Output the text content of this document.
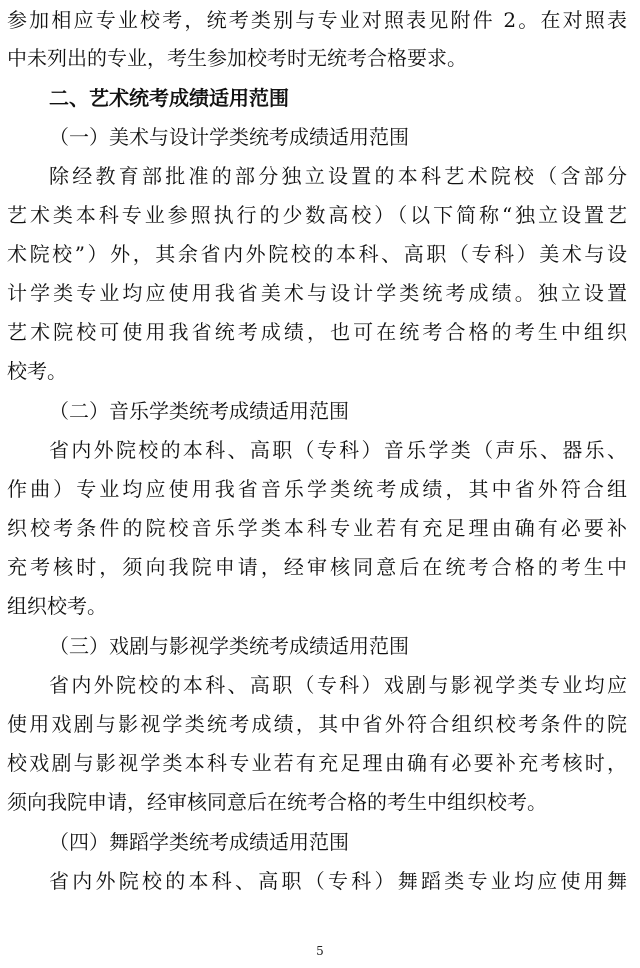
参加相应专业校考，统考类别与专业对照表见附件 2。在对照表
中未列出的专业，考生参加校考时无统考合格要求。
二、艺术统考成绩适用范围
（一）美术与设计学类统考成绩适用范围
除经教育部批准的部分独立设置的本科艺术院校（含部分
艺术类本科专业参照执行的少数高校）（以下简称“独立设置艺
术院校”）外，其余省内外院校的本科、高职（专科）美术与设
计学类专业均应使用我省美术与设计学类统考成绩。独立设置
艺术院校可使用我省统考成绩，也可在统考合格的考生中组织
校考。
（二）音乐学类统考成绩适用范围
省内外院校的本科、高职（专科）音乐学类（声乐、器乐、
作曲）专业均应使用我省音乐学类统考成绩，其中省外符合组
织校考条件的院校音乐学类本科专业若有充足理由确有必要补
充考核时，须向我院申请，经审核同意后在统考合格的考生中
组织校考。
（三）戏剧与影视学类统考成绩适用范围
省内外院校的本科、高职（专科）戏剧与影视学类专业均应
使用戏剧与影视学类统考成绩，其中省外符合组织校考条件的院
校戏剧与影视学类本科专业若有充足理由确有必要补充考核时，
须向我院申请，经审核同意后在统考合格的考生中组织校考。
（四）舞蹈学类统考成绩适用范围
省内外院校的本科、高职（专科）舞蹈类专业均应使用舞
5
